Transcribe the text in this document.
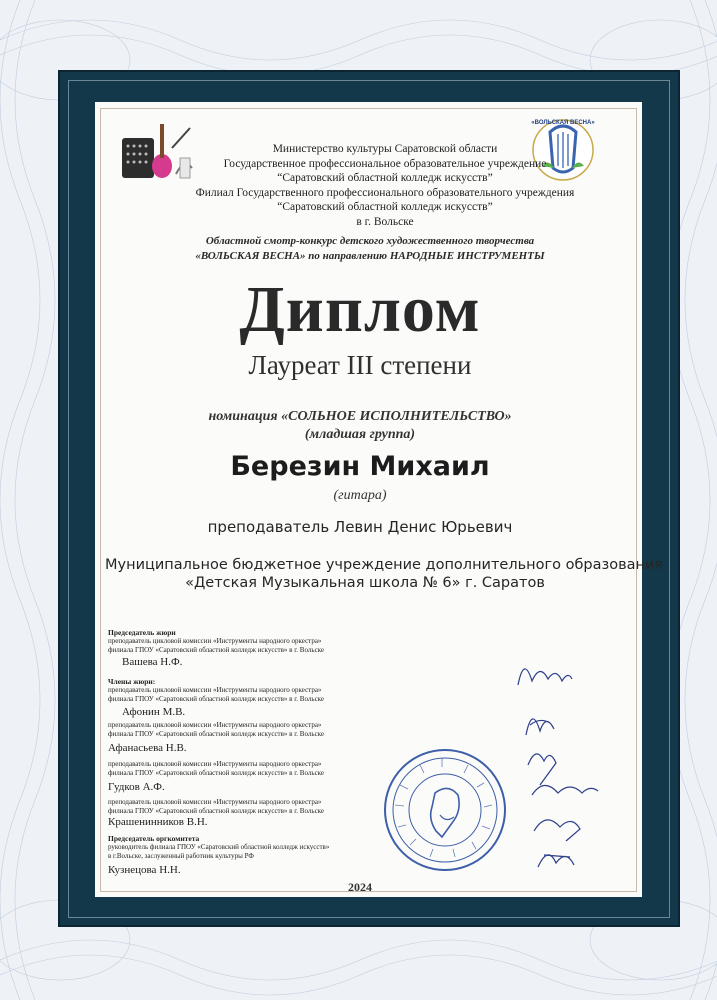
«ВОЛЬСКАЯ ВЕСНА»
Министерство культуры Саратовской области
Государственное профессиональное образовательное учреждение
“Саратовский областной колледж искусств”
Филиал Государственного профессионального образовательного учреждения
“Саратовский областной колледж искусств”
в г. Вольске
Областной смотр-конкурс детского художественного творчества
«ВОЛЬСКАЯ ВЕСНА» по направлению НАРОДНЫЕ ИНСТРУМЕНТЫ
Диплом
Лауреат III степени
номинация «СОЛЬНОЕ ИСПОЛНИТЕЛЬСТВО»
(младшая группа)
Березин Михаил
(гитара)
преподаватель Левин Денис Юрьевич
Муниципальное бюджетное учреждение дополнительного образования
«Детская Музыкальная школа № 6» г. Саратов
Председатель жюри
преподаватель цикловой комиссии «Инструменты народного оркестра»
филиала ГПОУ «Саратовский областной колледж искусств» в г. Вольске
Вашева Н.Ф.
Члены жюри:
преподаватель цикловой комиссии «Инструменты народного оркестра»
филиала ГПОУ «Саратовский областной колледж искусств» в г. Вольске
Афонин М.В.
преподаватель цикловой комиссии «Инструменты народного оркестра»
филиала ГПОУ «Саратовский областной колледж искусств» в г. Вольске
Афанасьева Н.В.
преподаватель цикловой комиссии «Инструменты народного оркестра»
филиала ГПОУ «Саратовский областной колледж искусств» в г. Вольске
Гудков А.Ф.
преподаватель цикловой комиссии «Инструменты народного оркестра»
филиала ГПОУ «Саратовский областной колледж искусств» в г. Вольске
Крашенинников В.Н.
Председатель оргкомитета
руководитель филиала ГПОУ «Саратовский областной колледж искусств»
в г.Вольске, заслуженный работник культуры РФ
Кузнецова Н.Н.
2024
